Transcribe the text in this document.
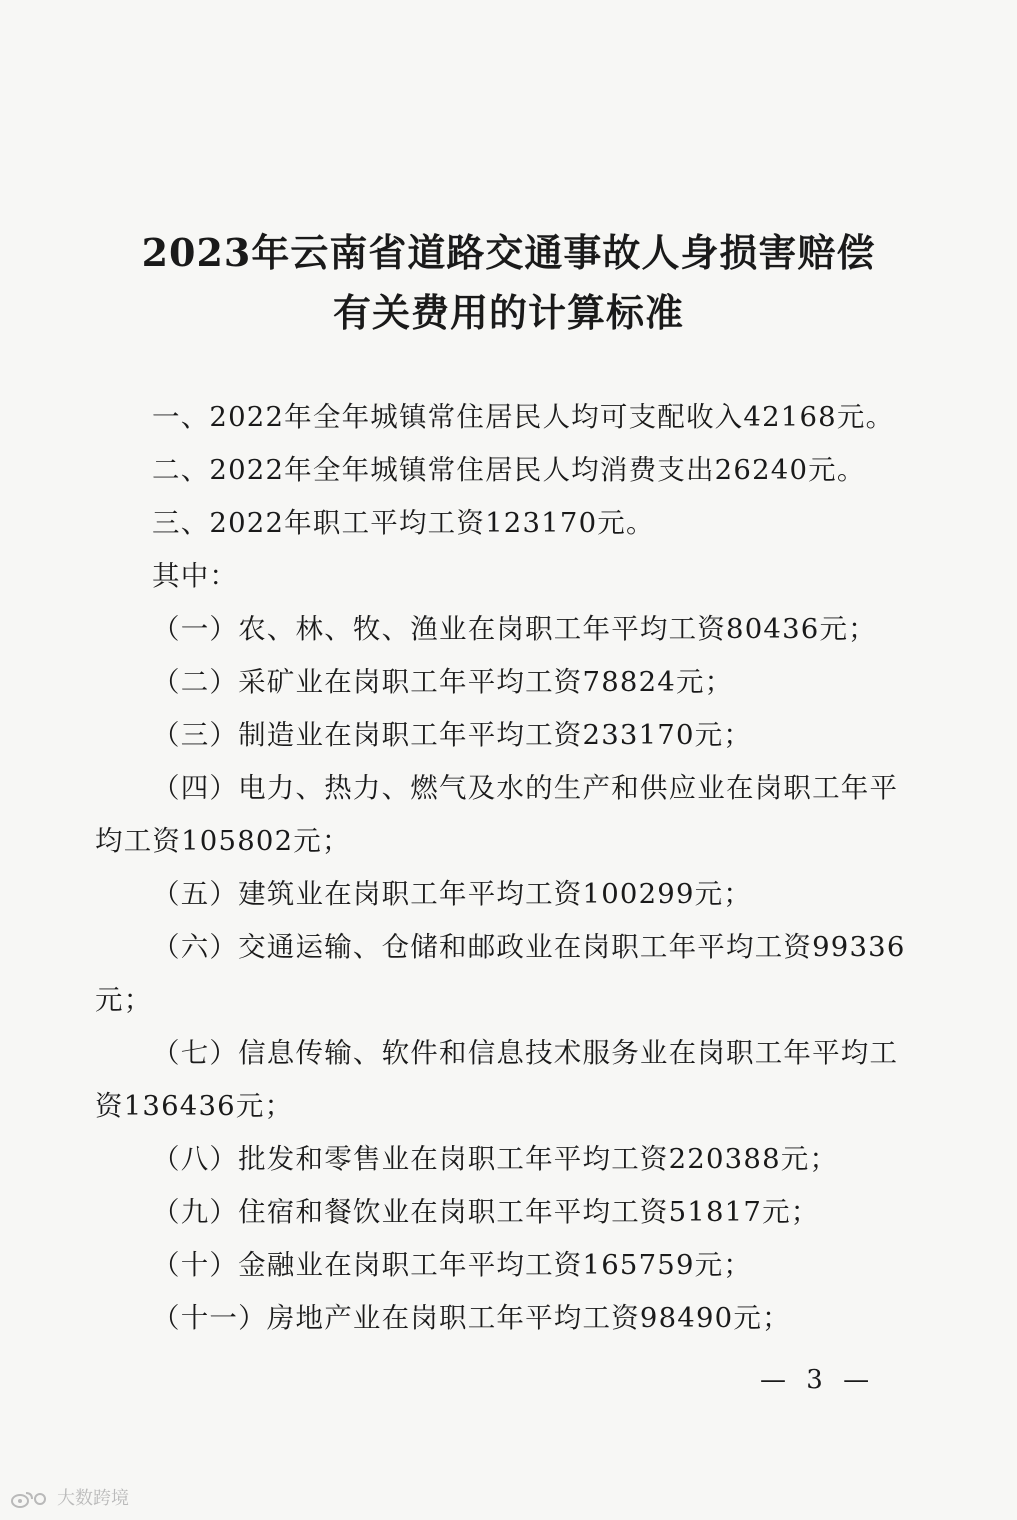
2023年云南省道路交通事故人身损害赔偿
有关费用的计算标准
一、2022年全年城镇常住居民人均可支配收入42168元。
二、2022年全年城镇常住居民人均消费支出26240元。
三、2022年职工平均工资123170元。
其中：
（一）农、林、牧、渔业在岗职工年平均工资80436元；
（二）采矿业在岗职工年平均工资78824元；
（三）制造业在岗职工年平均工资233170元；
（四）电力、热力、燃气及水的生产和供应业在岗职工年平
均工资105802元；
（五）建筑业在岗职工年平均工资100299元；
（六）交通运输、仓储和邮政业在岗职工年平均工资99336
元；
（七）信息传输、软件和信息技术服务业在岗职工年平均工
资136436元；
（八）批发和零售业在岗职工年平均工资220388元；
（九）住宿和餐饮业在岗职工年平均工资51817元；
（十）金融业在岗职工年平均工资165759元；
（十一）房地产业在岗职工年平均工资98490元；
— 3 —
大数跨境
